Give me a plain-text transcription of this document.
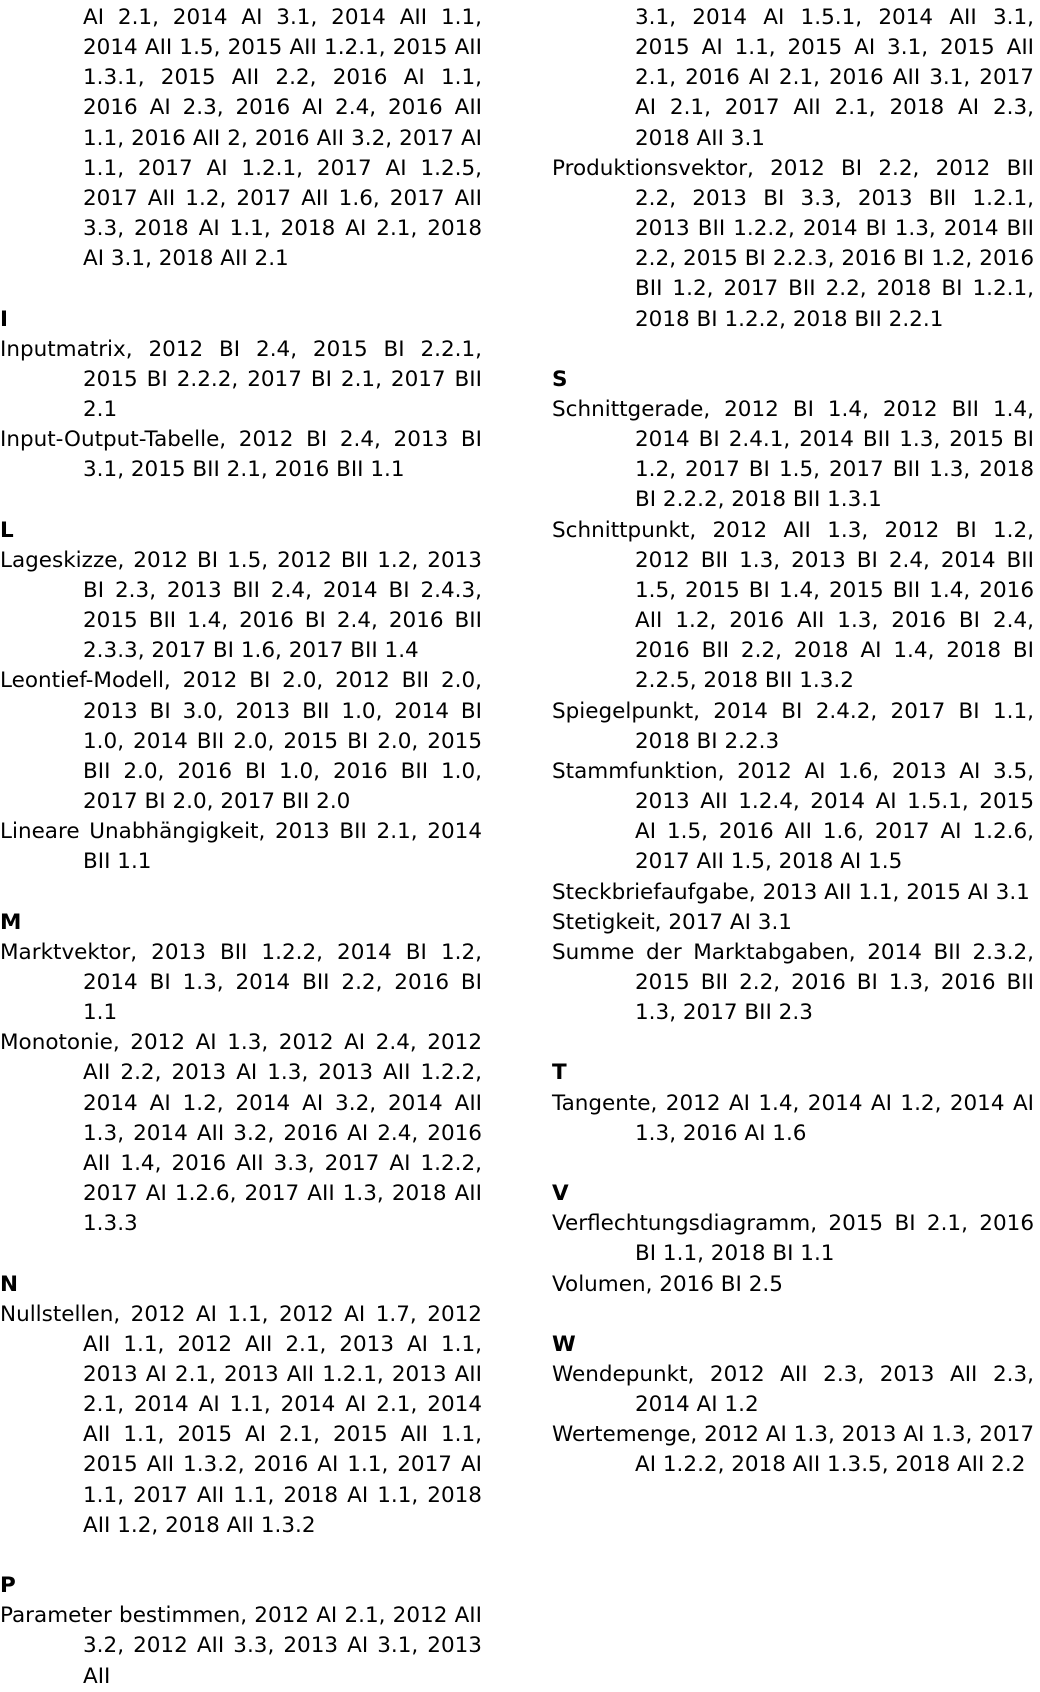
AI 2.1, 2014 AI 3.1, 2014 AII 1.1, 2014 AII 1.5, 2015 AII 1.2.1, 2015 AII 1.3.1, 2015 AII 2.2, 2016 AI 1.1, 2016 AI 2.3, 2016 AI 2.4, 2016 AII 1.1, 2016 AII 2, 2016 AII 3.2, 2017 AI 1.1, 2017 AI 1.2.1, 2017 AI 1.2.5, 2017 AII 1.2, 2017 AII 1.6, 2017 AII 3.3, 2018 AI 1.1, 2018 AI 2.1, 2018 AI 3.1, 2018 AII 2.1

I

Inputmatrix, 2012 BI 2.4, 2015 BI 2.2.1, 2015 BI 2.2.2, 2017 BI 2.1, 2017 BII 2.1

Input-Output-Tabelle, 2012 BI 2.4, 2013 BI 3.1, 2015 BII 2.1, 2016 BII 1.1

L

Lageskizze, 2012 BI 1.5, 2012 BII 1.2, 2013 BI 2.3, 2013 BII 2.4, 2014 BI 2.4.3, 2015 BII 1.4, 2016 BI 2.4, 2016 BII 2.3.3, 2017 BI 1.6, 2017 BII 1.4

Leontief-Modell, 2012 BI 2.0, 2012 BII 2.0, 2013 BI 3.0, 2013 BII 1.0, 2014 BI 1.0, 2014 BII 2.0, 2015 BI 2.0, 2015 BII 2.0, 2016 BI 1.0, 2016 BII 1.0, 2017 BI 2.0, 2017 BII 2.0

Lineare Unabhängigkeit, 2013 BII 2.1, 2014 BII 1.1

M

Marktvektor, 2013 BII 1.2.2, 2014 BI 1.2, 2014 BI 1.3, 2014 BII 2.2, 2016 BI 1.1

Monotonie, 2012 AI 1.3, 2012 AI 2.4, 2012 AII 2.2, 2013 AI 1.3, 2013 AII 1.2.2, 2014 AI 1.2, 2014 AI 3.2, 2014 AII 1.3, 2014 AII 3.2, 2016 AI 2.4, 2016 AII 1.4, 2016 AII 3.3, 2017 AI 1.2.2, 2017 AI 1.2.6, 2017 AII 1.3, 2018 AII 1.3.3

N

Nullstellen, 2012 AI 1.1, 2012 AI 1.7, 2012 AII 1.1, 2012 AII 2.1, 2013 AI 1.1, 2013 AI 2.1, 2013 AII 1.2.1, 2013 AII 2.1, 2014 AI 1.1, 2014 AI 2.1, 2014 AII 1.1, 2015 AI 2.1, 2015 AII 1.1, 2015 AII 1.3.2, 2016 AI 1.1, 2017 AI 1.1, 2017 AII 1.1, 2018 AI 1.1, 2018 AII 1.2, 2018 AII 1.3.2

P

Parameter bestimmen, 2012 AI 2.1, 2012 AII 3.2, 2012 AII 3.3, 2013 AI 3.1, 2013 AII

3.1, 2014 AI 1.5.1, 2014 AII 3.1, 2015 AI 1.1, 2015 AI 3.1, 2015 AII 2.1, 2016 AI 2.1, 2016 AII 3.1, 2017 AI 2.1, 2017 AII 2.1, 2018 AI 2.3, 2018 AII 3.1

Produktionsvektor, 2012 BI 2.2, 2012 BII 2.2, 2013 BI 3.3, 2013 BII 1.2.1, 2013 BII 1.2.2, 2014 BI 1.3, 2014 BII 2.2, 2015 BI 2.2.3, 2016 BI 1.2, 2016 BII 1.2, 2017 BII 2.2, 2018 BI 1.2.1, 2018 BI 1.2.2, 2018 BII 2.2.1

S

Schnittgerade, 2012 BI 1.4, 2012 BII 1.4, 2014 BI 2.4.1, 2014 BII 1.3, 2015 BI 1.2, 2017 BI 1.5, 2017 BII 1.3, 2018 BI 2.2.2, 2018 BII 1.3.1

Schnittpunkt, 2012 AII 1.3, 2012 BI 1.2, 2012 BII 1.3, 2013 BI 2.4, 2014 BII 1.5, 2015 BI 1.4, 2015 BII 1.4, 2016 AII 1.2, 2016 AII 1.3, 2016 BI 2.4, 2016 BII 2.2, 2018 AI 1.4, 2018 BI 2.2.5, 2018 BII 1.3.2

Spiegelpunkt, 2014 BI 2.4.2, 2017 BI 1.1, 2018 BI 2.2.3

Stammfunktion, 2012 AI 1.6, 2013 AI 3.5, 2013 AII 1.2.4, 2014 AI 1.5.1, 2015 AI 1.5, 2016 AII 1.6, 2017 AI 1.2.6, 2017 AII 1.5, 2018 AI 1.5

Steckbriefaufgabe, 2013 AII 1.1, 2015 AI 3.1

Stetigkeit, 2017 AI 3.1

Summe der Marktabgaben, 2014 BII 2.3.2, 2015 BII 2.2, 2016 BI 1.3, 2016 BII 1.3, 2017 BII 2.3

T

Tangente, 2012 AI 1.4, 2014 AI 1.2, 2014 AI 1.3, 2016 AI 1.6

V

Verflechtungsdiagramm, 2015 BI 2.1, 2016 BI 1.1, 2018 BI 1.1

Volumen, 2016 BI 2.5

W

Wendepunkt, 2012 AII 2.3, 2013 AII 2.3, 2014 AI 1.2

Wertemenge, 2012 AI 1.3, 2013 AI 1.3, 2017 AI 1.2.2, 2018 AII 1.3.5, 2018 AII 2.2
